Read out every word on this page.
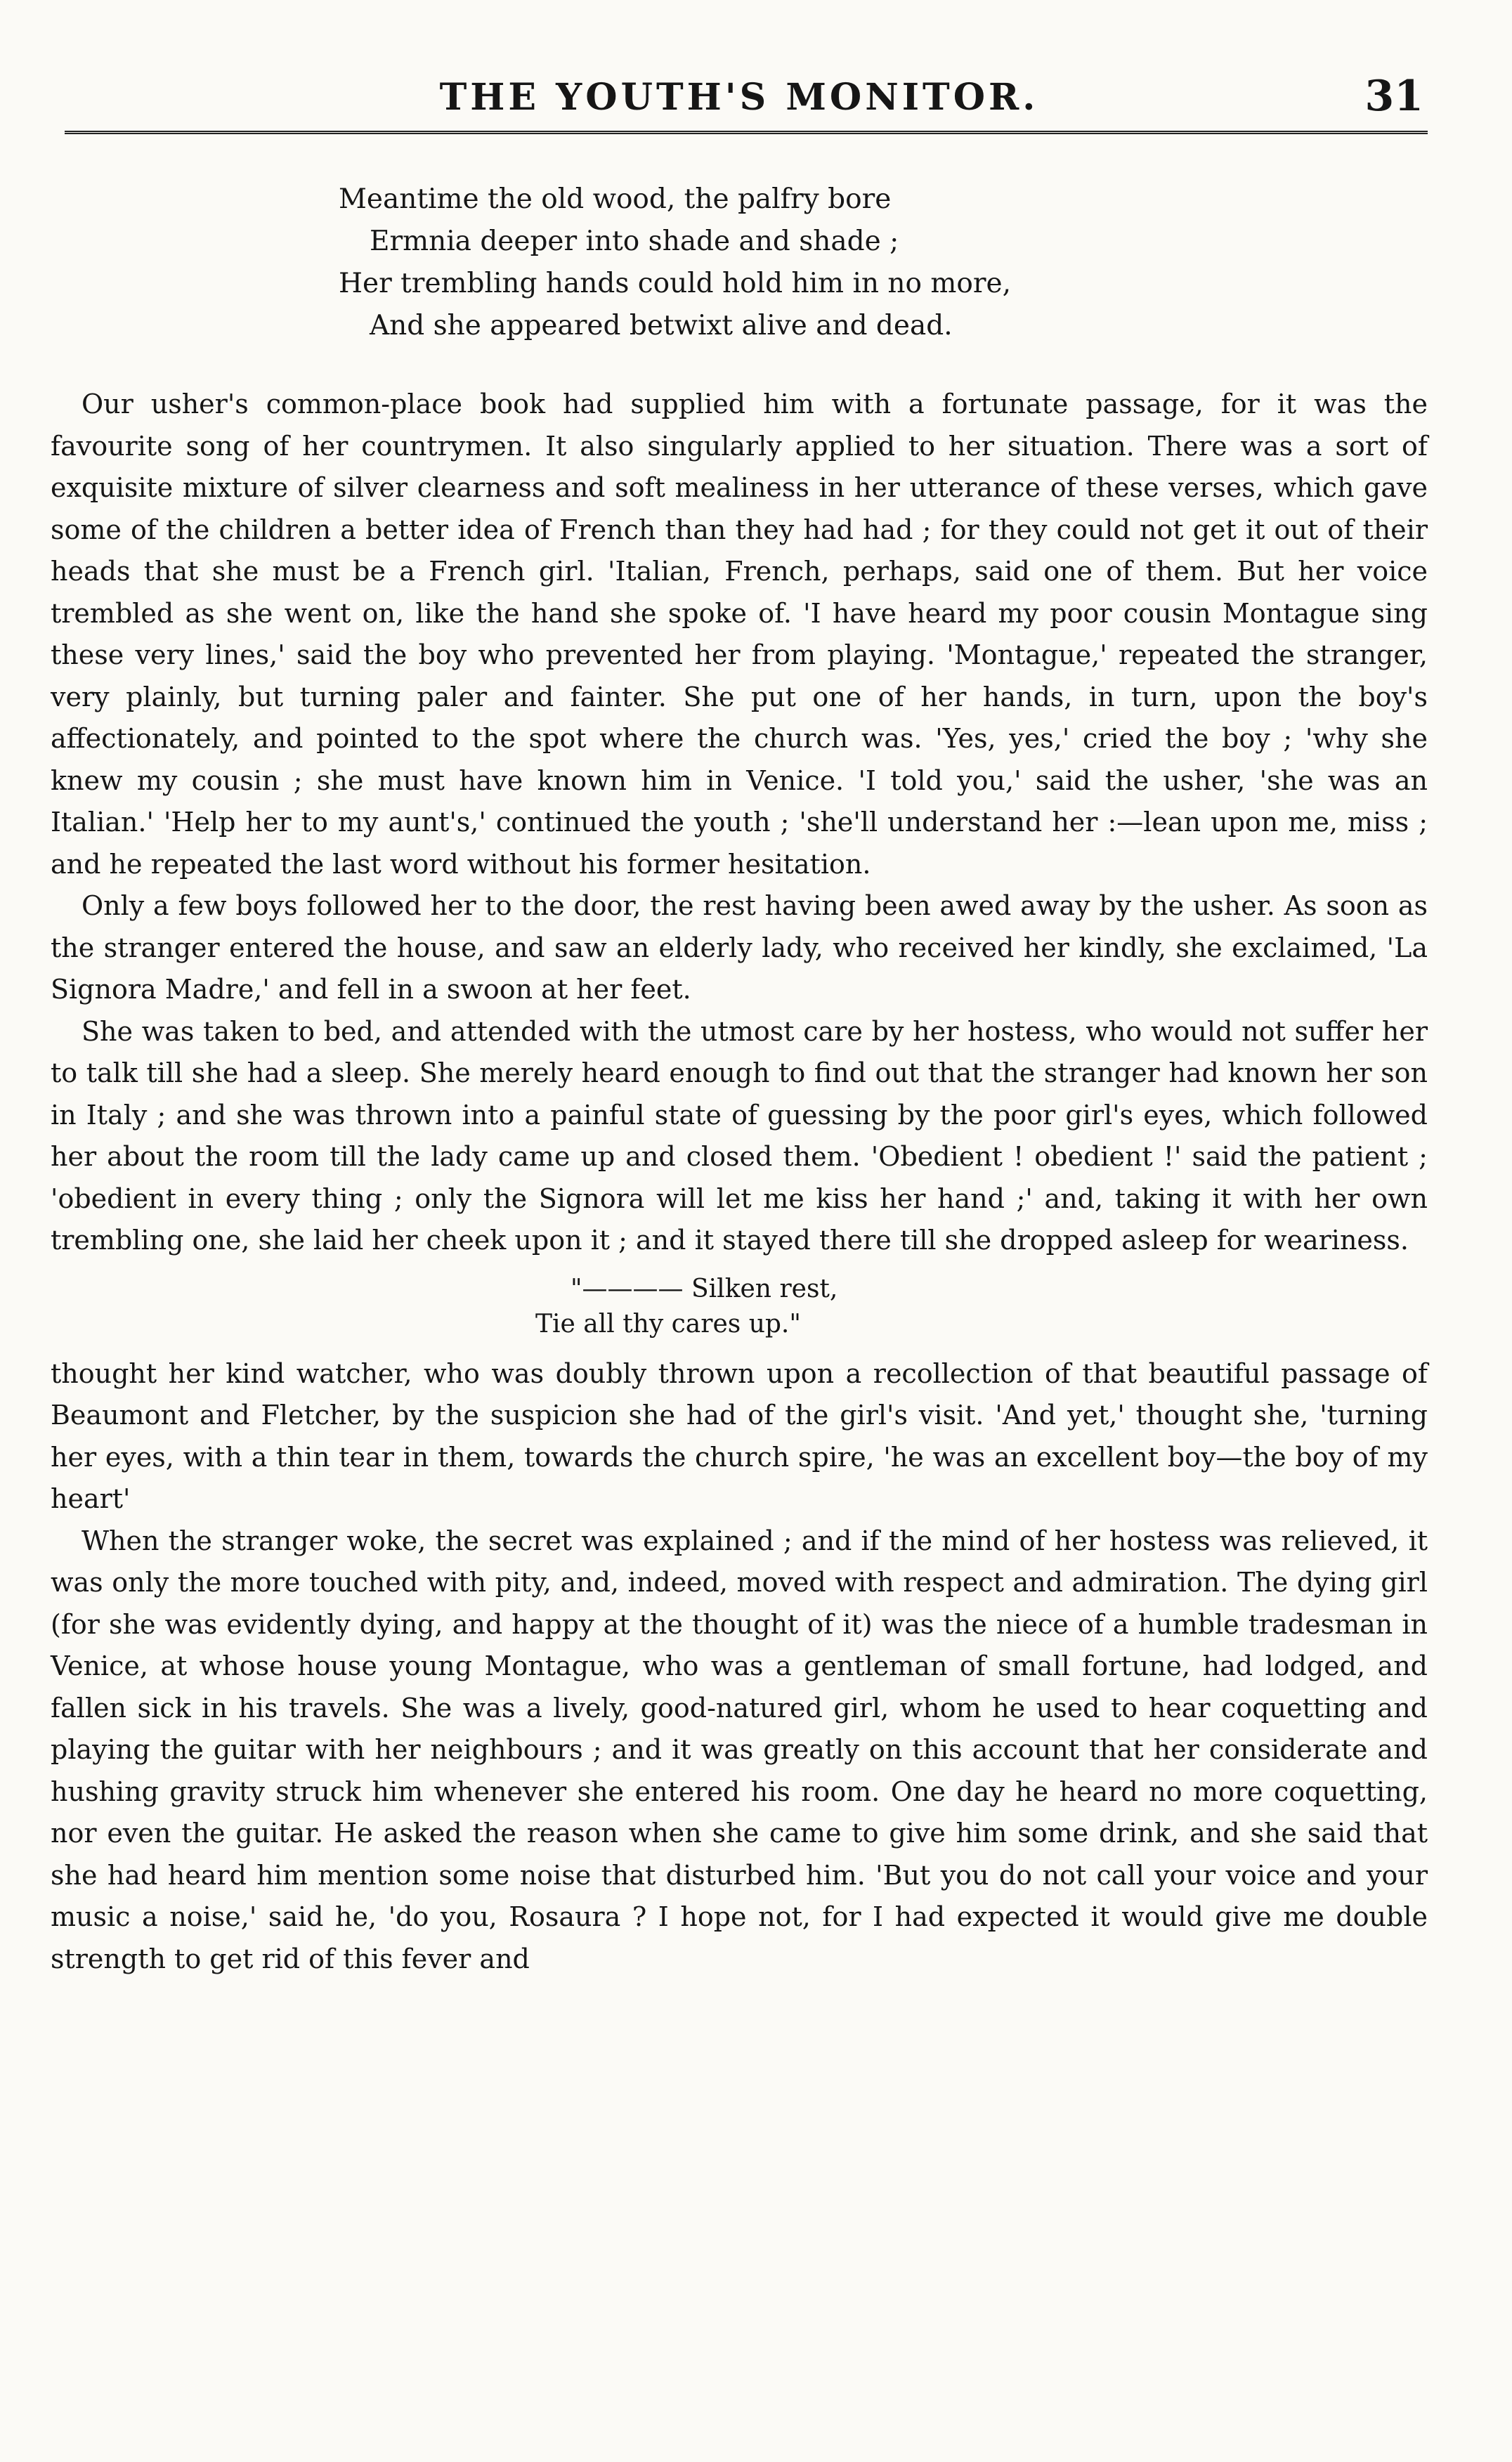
THE YOUTH'S MONITOR.	31
Meantime the old wood, the palfry bore
Ermnia deeper into shade and shade ;
Her trembling hands could hold him in no more,
And she appeared betwixt alive and dead.

Our usher's common-place book had supplied him with a fortunate passage, for it was the favourite song of her countrymen. It also singularly applied to her situation. There was a sort of exquisite mixture of silver clearness and soft mealiness in her utterance of these verses, which gave some of the children a better idea of French than they had had ; for they could not get it out of their heads that she must be a French girl. 'Italian, French, perhaps, said one of them. But her voice trembled as she went on, like the hand she spoke of. 'I have heard my poor cousin Montague sing these very lines,' said the boy who prevented her from playing. 'Montague,' repeated the stranger, very plainly, but turning paler and fainter. She put one of her hands, in turn, upon the boy's affectionately, and pointed to the spot where the church was. 'Yes, yes,' cried the boy ; 'why she knew my cousin ; she must have known him in Venice. 'I told you,' said the usher, 'she was an Italian.' 'Help her to my aunt's,' continued the youth ; 'she'll understand her :—lean upon me, miss ; and he repeated the last word without his former hesitation.

Only a few boys followed her to the door, the rest having been awed away by the usher. As soon as the stranger entered the house, and saw an elderly lady, who received her kindly, she exclaimed, 'La Signora Madre,' and fell in a swoon at her feet.

She was taken to bed, and attended with the utmost care by her hostess, who would not suffer her to talk till she had a sleep. She merely heard enough to find out that the stranger had known her son in Italy ; and she was thrown into a painful state of guessing by the poor girl's eyes, which followed her about the room till the lady came up and closed them. 'Obedient ! obedient !' said the patient ; 'obedient in every thing ; only the Signora will let me kiss her hand ;' and, taking it with her own trembling one, she laid her cheek upon it ; and it stayed there till she dropped asleep for weariness.

"———— Silken rest,
Tie all thy cares up."

thought her kind watcher, who was doubly thrown upon a recollection of that beautiful passage of Beaumont and Fletcher, by the suspicion she had of the girl's visit. 'And yet,' thought she, 'turning her eyes, with a thin tear in them, towards the church spire, 'he was an excellent boy—the boy of my heart'

When the stranger woke, the secret was explained ; and if the mind of her hostess was relieved, it was only the more touched with pity, and, indeed, moved with respect and admiration. The dying girl (for she was evidently dying, and happy at the thought of it) was the niece of a humble tradesman in Venice, at whose house young Montague, who was a gentleman of small fortune, had lodged, and fallen sick in his travels. She was a lively, good-natured girl, whom he used to hear coquetting and playing the guitar with her neighbours ; and it was greatly on this account that her considerate and hushing gravity struck him whenever she entered his room. One day he heard no more coquetting, nor even the guitar. He asked the reason when she came to give him some drink, and she said that she had heard him mention some noise that disturbed him. 'But you do not call your voice and your music a noise,' said he, 'do you, Rosaura ? I hope not, for I had expected it would give me double strength to get rid of this fever and
